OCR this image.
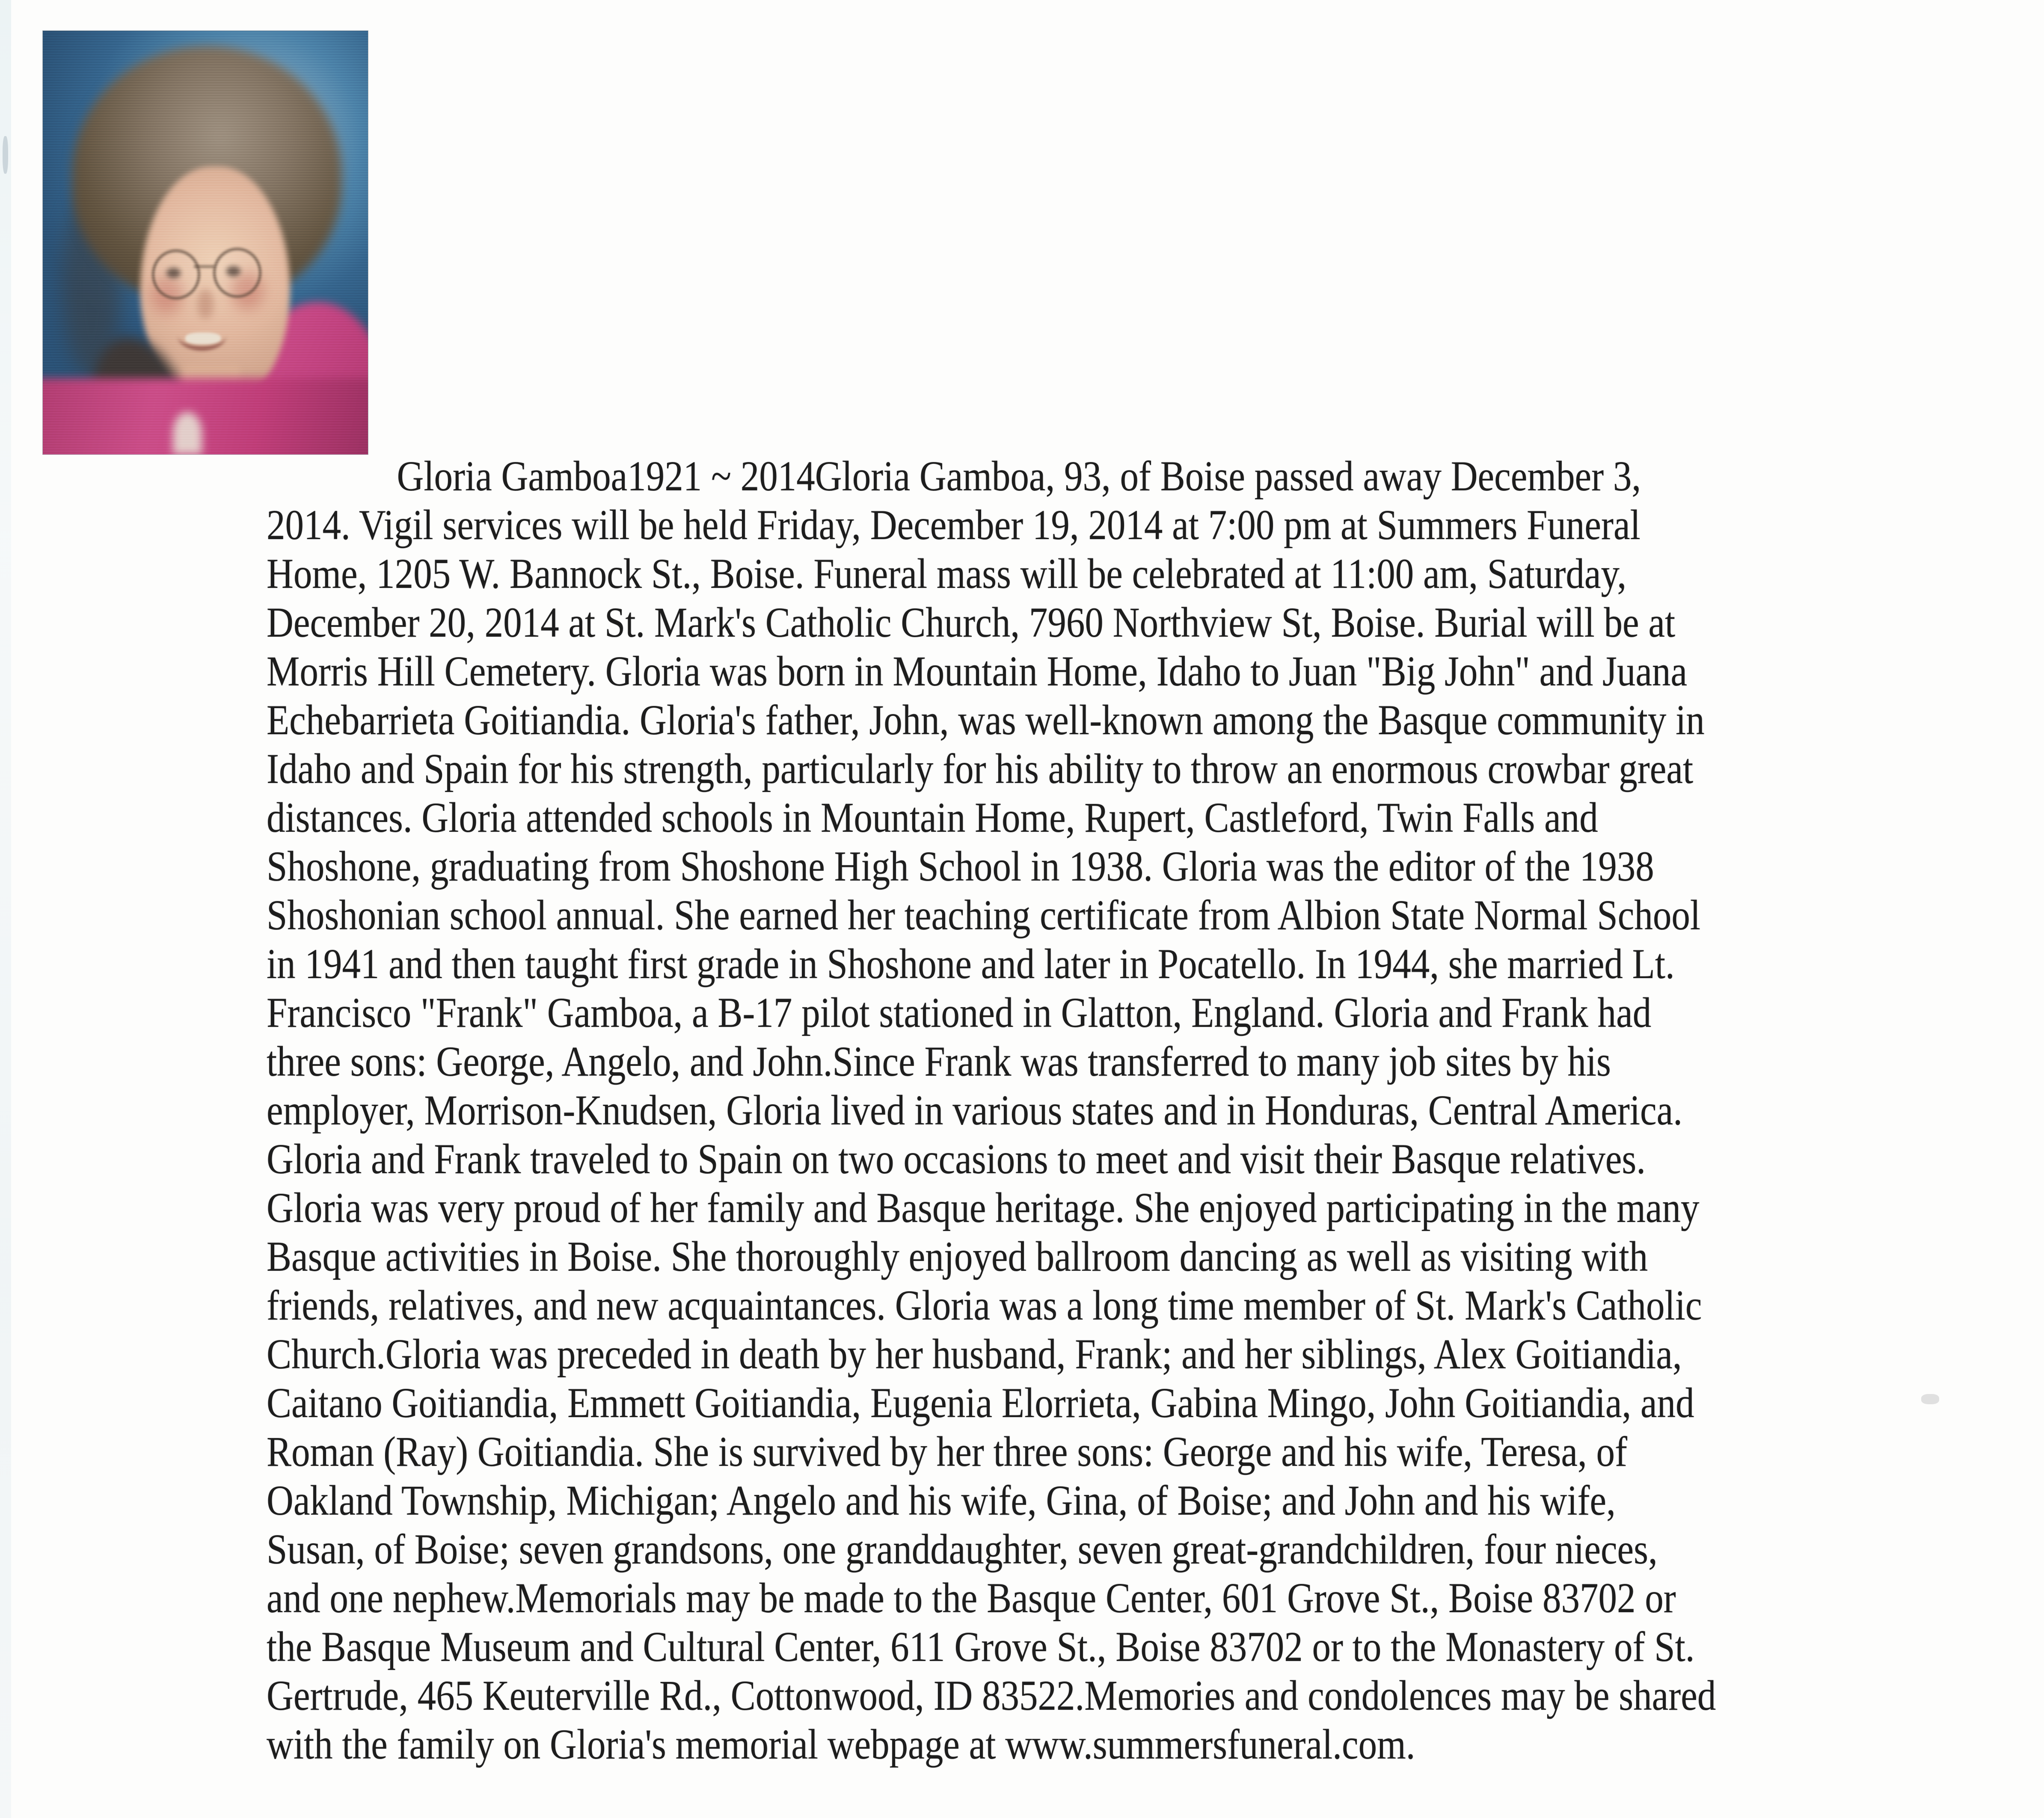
Gloria Gamboa1921 ~ 2014Gloria Gamboa, 93, of Boise passed away December 3,
2014. Vigil services will be held Friday, December 19, 2014 at 7:00 pm at Summers Funeral
Home, 1205 W. Bannock St., Boise. Funeral mass will be celebrated at 11:00 am, Saturday,
December 20, 2014 at St. Mark's Catholic Church, 7960 Northview St, Boise. Burial will be at
Morris Hill Cemetery. Gloria was born in Mountain Home, Idaho to Juan "Big John" and Juana
Echebarrieta Goitiandia. Gloria's father, John, was well-known among the Basque community in
Idaho and Spain for his strength, particularly for his ability to throw an enormous crowbar great
distances. Gloria attended schools in Mountain Home, Rupert, Castleford, Twin Falls and
Shoshone, graduating from Shoshone High School in 1938. Gloria was the editor of the 1938
Shoshonian school annual. She earned her teaching certificate from Albion State Normal School
in 1941 and then taught first grade in Shoshone and later in Pocatello. In 1944, she married Lt.
Francisco "Frank" Gamboa, a B-17 pilot stationed in Glatton, England. Gloria and Frank had
three sons: George, Angelo, and John.Since Frank was transferred to many job sites by his
employer, Morrison-Knudsen, Gloria lived in various states and in Honduras, Central America.
Gloria and Frank traveled to Spain on two occasions to meet and visit their Basque relatives.
Gloria was very proud of her family and Basque heritage. She enjoyed participating in the many
Basque activities in Boise. She thoroughly enjoyed ballroom dancing as well as visiting with
friends, relatives, and new acquaintances. Gloria was a long time member of St. Mark's Catholic
Church.Gloria was preceded in death by her husband, Frank; and her siblings, Alex Goitiandia,
Caitano Goitiandia, Emmett Goitiandia, Eugenia Elorrieta, Gabina Mingo, John Goitiandia, and
Roman (Ray) Goitiandia. She is survived by her three sons: George and his wife, Teresa, of
Oakland Township, Michigan; Angelo and his wife, Gina, of Boise; and John and his wife,
Susan, of Boise; seven grandsons, one granddaughter, seven great-grandchildren, four nieces,
and one nephew.Memorials may be made to the Basque Center, 601 Grove St., Boise 83702 or
the Basque Museum and Cultural Center, 611 Grove St., Boise 83702 or to the Monastery of St.
Gertrude, 465 Keuterville Rd., Cottonwood, ID 83522.Memories and condolences may be shared
with the family on Gloria's memorial webpage at www.summersfuneral.com.
